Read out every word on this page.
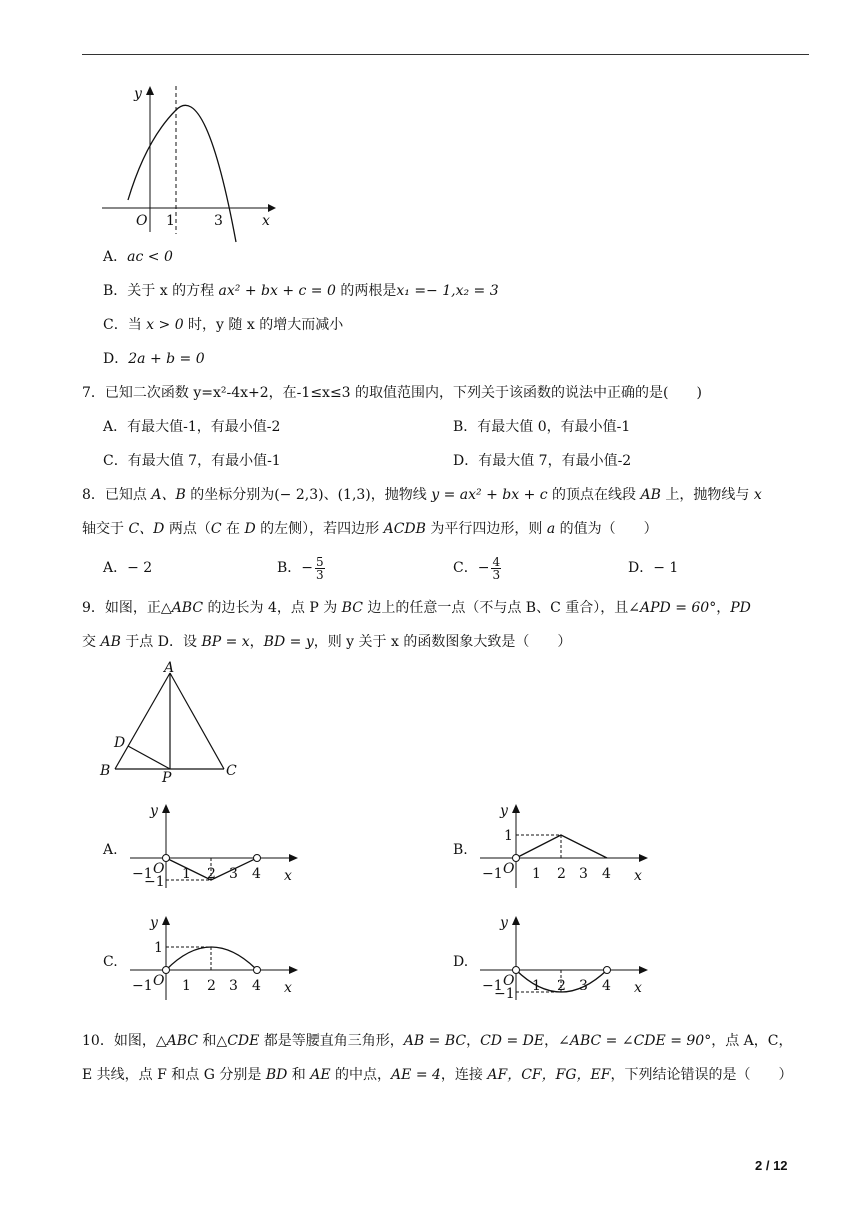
y
x
O 1	3
A．ac < 0
B．关于 x 的方程 ax² + bx + c = 0 的两根是x₁ =− 1,x₂ = 3
C．当 x > 0 时，y 随 x 的增大而减小
D．2a + b = 0
7．已知二次函数 y=x²-4x+2，在-1≤x≤3 的取值范围内，下列关于该函数的说法中正确的是(　　)
A．有最大值-1，有最小值-2	B．有最大值 0，有最小值-1
C．有最大值 7，有最小值-1	D．有最大值 7，有最小值-2
8．已知点 A、B 的坐标分别为(− 2,3)、(1,3)，抛物线 y = ax² + bx + c 的顶点在线段 AB 上，抛物线与 x
轴交于 C、D 两点（C 在 D 的左侧），若四边形 ACDB 为平行四边形，则 a 的值为（　　）
A．− 2	B．− $\frac{5}{3}$	C．− $\frac{4}{3}$	D．− 1
9．如图，正△ABC 的边长为 4，点 P 为 BC 边上的任意一点（不与点 B、C 重合），且∠APD = 60°，PD
交 AB 于点 D．设 BP = x，BD = y，则 y 关于 x 的函数图象大致是（　　）
A
B	C
D
P
A.	B.
C.	D.
y
x
−1 O 1 2 3 4
−1
y
x
−1 O 1 2 3 4
1
y
x
−1 O 1 2 3 4
1
y
x
−1 O 1 2 3 4
−1
10．如图，△ABC 和△CDE 都是等腰直角三角形，AB = BC，CD = DE，∠ABC = ∠CDE = 90°，点 A，C，
E 共线，点 F 和点 G 分别是 BD 和 AE 的中点，AE = 4，连接 AF，CF，FG，EF，下列结论错误的是（　　）
2 / 12
